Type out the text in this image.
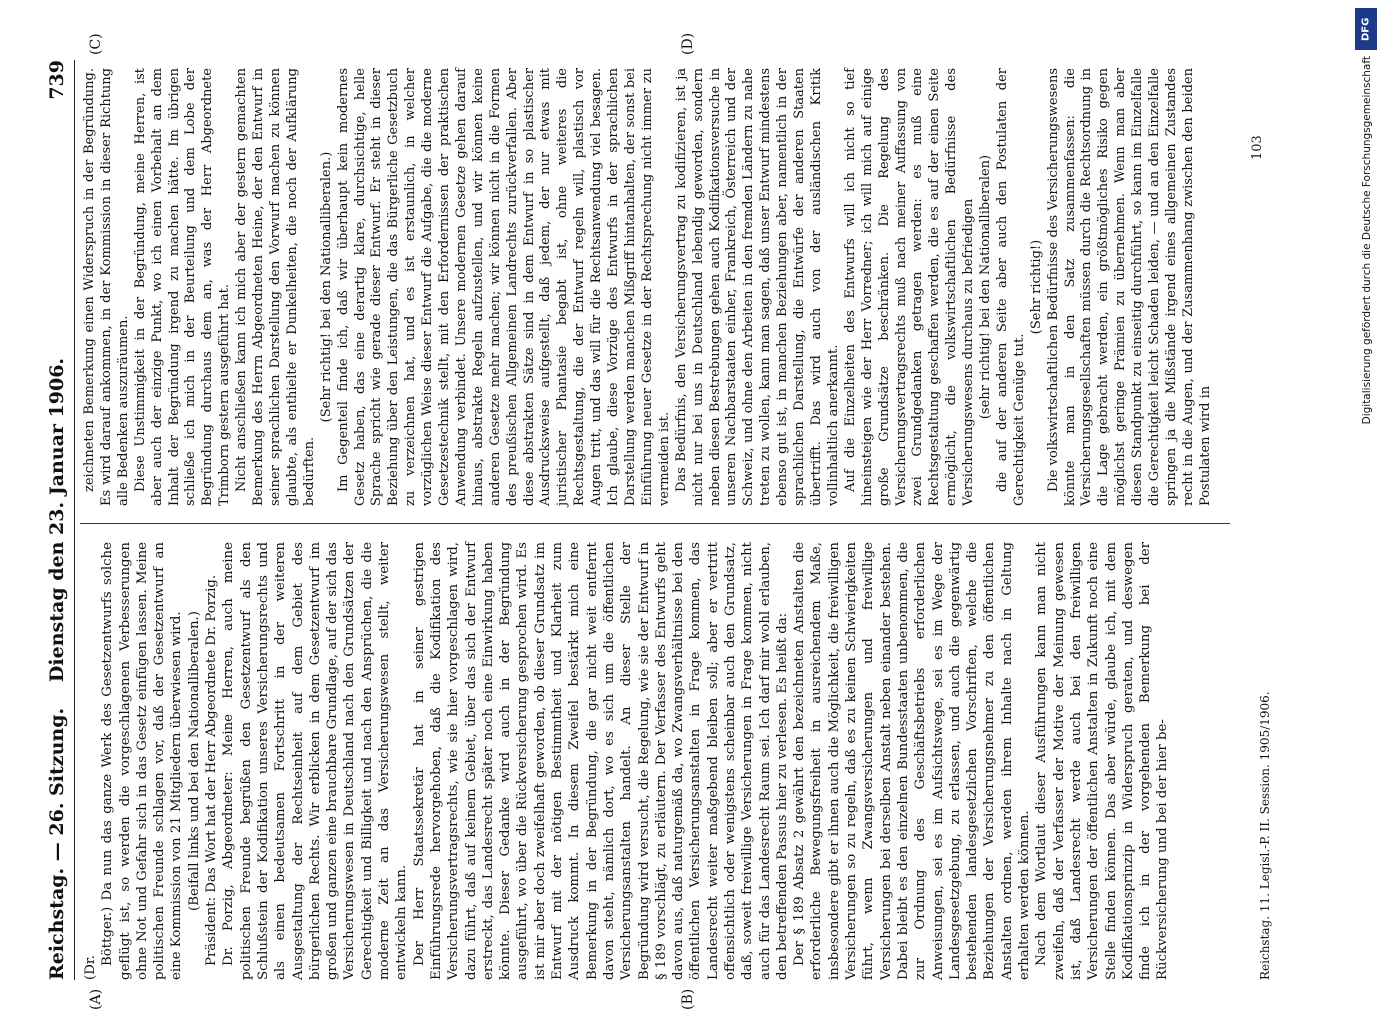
Reichstag. — 26. Sitzung.
Dienstag den 23. Januar 1906.
739
(A)	(B)
(C)	(D)

(Dr.

Böttger.) Da nun das ganze Werk des Gesetzentwurfs solche geflügt ist, so werden die vorgeschlagenen Verbesserungen ohne Not und Gefahr sich in das Gesetz einfügen lassen. Meine politischen Freunde schlagen vor, daß der Gesetzentwurf an eine Kommission von 21 Mitgliedern überwiesen wird. (Beifall links und bei den Nationalliberalen.) Präsident: Das Wort hat der Herr Abgeordnete Dr. Porzig. Dr. Porzig, Abgeordneter: Meine Herren, auch meine politischen Freunde begrüßen den Gesetzentwurf als den Schlußstein der Kodifikation unseres Versicherungsrechts und als einen bedeutsamen Fortschritt in der weiteren Ausgestaltung der Rechtseinheit auf dem Gebiet des bürgerlichen Rechts. Wir erblicken in dem Gesetzentwurf im großen und ganzen eine brauchbare Grundlage, auf der sich das Versicherungswesen in Deutschland nach den Grundsätzen der Gerechtigkeit und Billigkeit und nach den Ansprüchen, die die moderne Zeit an das Versicherungswesen stellt, weiter entwickeln kann. Der Herr Staatssekretär hat in seiner gestrigen Einführungsrede hervorgehoben, daß die Kodifikation des Versicherungsvertragsrechts, wie sie hier vorgeschlagen wird, dazu führt, daß auf keinem Gebiet, über das sich der Entwurf erstreckt, das Landesrecht später noch eine Einwirkung haben könnte. Dieser Gedanke wird auch in der Begründung ausgeführt, wo über die Rückversicherung gesprochen wird. Es ist mir aber doch zweifelhaft geworden, ob dieser Grundsatz im Entwurf mit der nötigen Bestimmtheit und Klarheit zum Ausdruck kommt. In diesem Zweifel bestärkt mich eine Bemerkung in der Begründung, die gar nicht weit entfernt davon steht, nämlich dort, wo es sich um die öffentlichen Versicherungsanstalten handelt. An dieser Stelle der Begründung wird versucht, die Regelung, wie sie der Entwurf in § 189 vorschlägt, zu erläutern. Der Verfasser des Entwurfs geht davon aus, daß naturgemäß da, wo Zwangsverhältnisse bei den öffentlichen Versicherungsanstalten in Frage kommen, das Landesrecht weiter maßgebend bleiben soll; aber er vertritt offensichtlich oder wenigstens scheinbar auch den Grundsatz, daß, soweit freiwillige Versicherungen in Frage kommen, nicht auch für das Landesrecht Raum sei. Ich darf mir wohl erlauben, den betreffenden Passus hier zu verlesen. Es heißt da: Der § 189 Absatz 2 gewährt den bezeichneten Anstalten die erforderliche Bewegungsfreiheit in ausreichendem Maße, insbesondere gibt er ihnen auch die Möglichkeit, die freiwilligen Versicherungen so zu regeln, daß es zu keinen Schwierigkeiten führt, wenn Zwangsversicherungen und freiwillige Versicherungen bei derselben Anstalt neben einander bestehen. Dabei bleibt es den einzelnen Bundesstaaten unbenommen, die zur Ordnung des Geschäftsbetriebs erforderlichen Anweisungen, sei es im Aufsichtswege, sei es im Wege der Landesgesetzgebung, zu erlassen, und auch die gegenwärtig bestehenden landesgesetzlichen Vorschriften, welche die Beziehungen der Versicherungsnehmer zu den öffentlichen Anstalten ordnen, werden ihrem Inhalte nach in Geltung erhalten werden können. Nach dem Wortlaut dieser Ausführungen kann man nicht zweifeln, daß der Verfasser der Motive der Meinung gewesen ist, daß Landesrecht werde auch bei den freiwilligen Versicherungen der öffentlichen Anstalten in Zukunft noch eine Stelle finden können. Das aber würde, glaube ich, mit dem Kodifikationsprinzip in Widerspruch geraten, und deswegen finde ich in der vorgehenden Bemerkung bei der Rückversicherung und bei der hier be-

zeichneten Bemerkung einen Widerspruch in der Begründung. Es wird darauf ankommen, in der Kommission in dieser Richtung alle Bedenken auszuräumen. Diese Unstimmigkeit in der Begründung, meine Herren, ist aber auch der einzige Punkt, wo ich einen Vorbehalt an dem Inhalt der Begründung irgend zu machen hätte. Im übrigen schließe ich mich in der Beurteilung und dem Lobe der Begründung durchaus dem an, was der Herr Abgeordnete Trimborn gestern ausgeführt hat. Nicht anschließen kann ich mich aber der gestern gemachten Bemerkung des Herrn Abgeordneten Heine, der den Entwurf in seiner sprachlichen Darstellung den Vorwurf machen zu können glaubte, als enthielte er Dunkelheiten, die noch der Aufklärung bedürften.

(Sehr richtig! bei den Nationalliberalen.) Im Gegenteil finde ich, daß wir überhaupt kein modernes Gesetz haben, das eine derartig klare, durchsichtige, helle Sprache spricht wie gerade dieser Entwurf. Er steht in dieser Beziehung über den Leistungen, die das Bürgerliche Gesetzbuch zu verzeichnen hat, und es ist erstaunlich, in welcher vorzüglichen Weise dieser Entwurf die Aufgabe, die die moderne Gesetzestechnik stellt, mit den Erfordernissen der praktischen Anwendung verbindet. Unsere modernen Gesetze gehen darauf hinaus, abstrakte Regeln aufzustellen, und wir können keine anderen Gesetze mehr machen; wir können nicht in die Formen des preußischen Allgemeinen Landrechts zurückverfallen. Aber diese abstrakten Sätze sind in dem Entwurf in so plastischer Ausdrucksweise aufgestellt, daß jedem, der nur etwas mit juristischer Phantasie begabt ist, ohne weiteres die Rechtsgestaltung, die der Entwurf regeln will, plastisch vor Augen tritt, und das will für die Rechtsanwendung viel besagen. Ich glaube, diese Vorzüge des Entwurfs in der sprachlichen Darstellung werden manchen Mißgriff hintanhalten, der sonst bei Einführung neuer Gesetze in der Rechtsprechung nicht immer zu vermeiden ist. Das Bedürfnis, den Versicherungsvertrag zu kodifizieren, ist ja nicht nur bei uns in Deutschland lebendig geworden, sondern neben diesen Bestrebungen gehen auch Kodifikationsversuche in unseren Nachbarstaaten einher, Frankreich, Österreich und der Schweiz, und ohne den Arbeiten in den fremden Ländern zu nahe treten zu wollen, kann man sagen, daß unser Entwurf mindestens ebenso gut ist, in manchen Beziehungen aber, namentlich in der sprachlichen Darstellung, die Entwürfe der anderen Staaten übertrifft. Das wird auch von der ausländischen Kritik vollinhaltlich anerkannt. Auf die Einzelheiten des Entwurfs will ich nicht so tief hineinsteigen wie der Herr Vorredner; ich will mich auf einige große Grundsätze beschränken. Die Regelung des Versicherungsvertragsrechts muß nach meiner Auffassung von zwei Grundgedanken getragen werden: es muß eine Rechtsgestaltung geschaffen werden, die es auf der einen Seite ermöglicht, die volkswirtschaftlichen Bedürfnisse des Versicherungswesens durchaus zu befriedigen (sehr richtig! bei den Nationalliberalen) die auf der anderen Seite aber auch den Postulaten der Gerechtigkeit Genüge tut.

(Sehr richtig!) Die volkswirtschaftlichen Bedürfnisse des Versicherungswesens könnte man in den Satz zusammenfassen: die Versicherungsgesellschaften müssen durch die Rechtsordnung in die Lage gebracht werden, ein größtmögliches Risiko gegen möglichst geringe Prämien zu übernehmen. Wenn man aber diesen Standpunkt zu einseitig durchführt, so kann im Einzelfalle die Gerechtigkeit leicht Schaden leiden, — und an den Einzelfalle springen ja die Mißstände irgend eines allgemeinen Zustandes recht in die Augen, und der Zusammenhang zwischen den beiden Postulaten wird in

Reichstag. 11. Legisl.-P. II. Session. 1905/1906.
103
DFG
Digitalisierung gefördert durch die Deutsche Forschungsgemeinschaft
